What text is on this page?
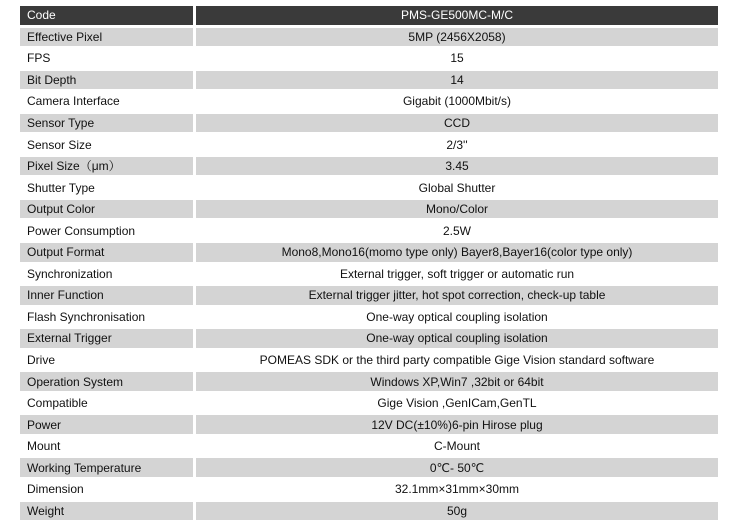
Code	PMS-GE500MC-M/C
Effective Pixel	5MP (2456X2058)
FPS	15
Bit Depth	14
Camera Interface	Gigabit (1000Mbit/s)
Sensor Type	CCD
Sensor Size	2/3''
Pixel Size（μm）	3.45
Shutter Type	Global Shutter
Output Color	Mono/Color
Power Consumption	2.5W
Output Format	Mono8,Mono16(momo type only) Bayer8,Bayer16(color type only)
Synchronization	External trigger, soft trigger or automatic run
Inner Function	External trigger jitter, hot spot correction, check-up table
Flash Synchronisation	One-way optical coupling isolation
External Trigger	One-way optical coupling isolation
Drive	POMEAS SDK or the third party compatible Gige Vision standard software
Operation System	Windows XP,Win7 ,32bit or 64bit
Compatible	Gige Vision ,GenICam,GenTL
Power	12V DC(±10%)6-pin Hirose plug
Mount	C-Mount
Working Temperature	0℃- 50℃
Dimension	32.1mm×31mm×30mm
Weight	50g
